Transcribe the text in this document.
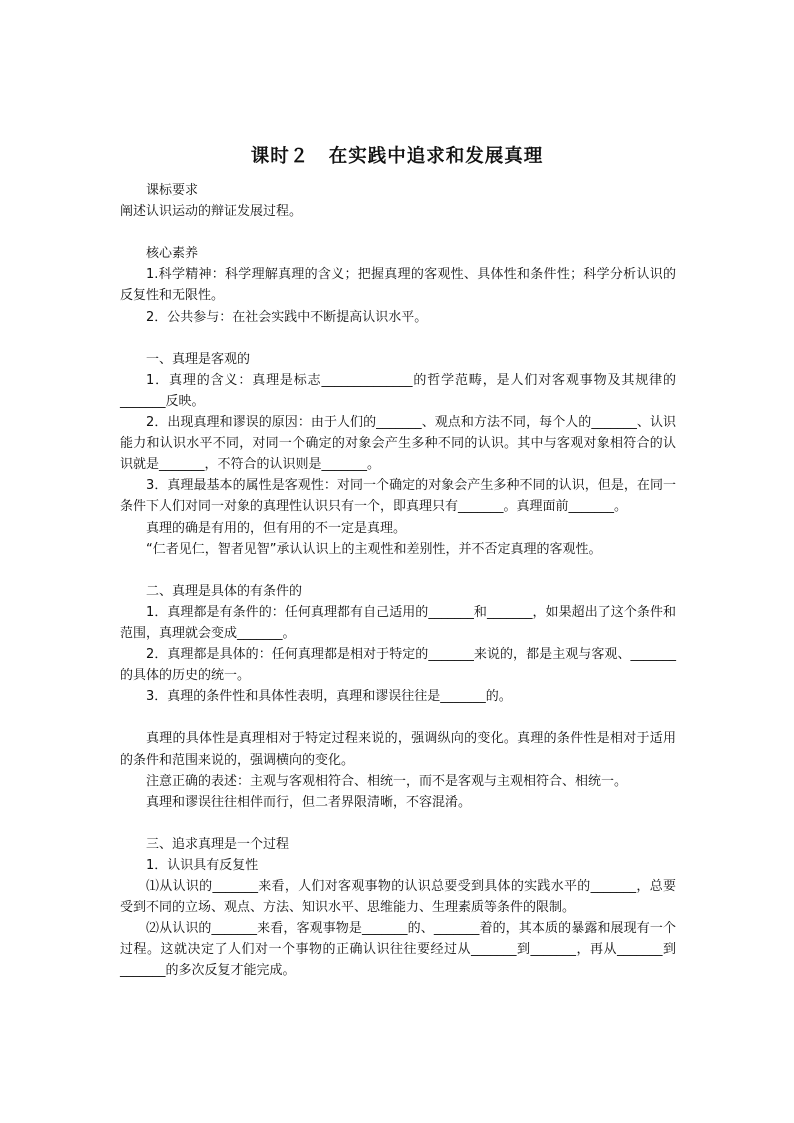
课时２　在实践中追求和发展真理
课标要求
阐述认识运动的辩证发展过程。
核心素养
1.科学精神：科学理解真理的含义；把握真理的客观性、具体性和条件性；科学分析认识的反复性和无限性。
2．公共参与：在社会实践中不断提高认识水平。
一、真理是客观的
1．真理的含义：真理是标志______________的哲学范畴，是人们对客观事物及其规律的_______反映。
2．出现真理和谬误的原因：由于人们的_______、观点和方法不同，每个人的_______、认识能力和认识水平不同，对同一个确定的对象会产生多种不同的认识。其中与客观对象相符合的认识就是_______，不符合的认识则是_______。
3．真理最基本的属性是客观性：对同一个确定的对象会产生多种不同的认识，但是，在同一条件下人们对同一对象的真理性认识只有一个，即真理只有_______。真理面前_______。
真理的确是有用的，但有用的不一定是真理。
“仁者见仁，智者见智”承认认识上的主观性和差别性，并不否定真理的客观性。
二、真理是具体的有条件的
1．真理都是有条件的：任何真理都有自己适用的_______和_______，如果超出了这个条件和范围，真理就会变成_______。
2．真理都是具体的：任何真理都是相对于特定的_______来说的，都是主观与客观、_______的具体的历史的统一。
3．真理的条件性和具体性表明，真理和谬误往往是_______的。
真理的具体性是真理相对于特定过程来说的，强调纵向的变化。真理的条件性是相对于适用的条件和范围来说的，强调横向的变化。
注意正确的表述：主观与客观相符合、相统一，而不是客观与主观相符合、相统一。
真理和谬误往往相伴而行，但二者界限清晰，不容混淆。
三、追求真理是一个过程
1．认识具有反复性
⑴从认识的_______来看，人们对客观事物的认识总要受到具体的实践水平的_______，总要受到不同的立场、观点、方法、知识水平、思维能力、生理素质等条件的限制。
⑵从认识的_______来看，客观事物是_______的、_______着的，其本质的暴露和展现有一个过程。这就决定了人们对一个事物的正确认识往往要经过从_______到_______，再从_______到_______的多次反复才能完成。
